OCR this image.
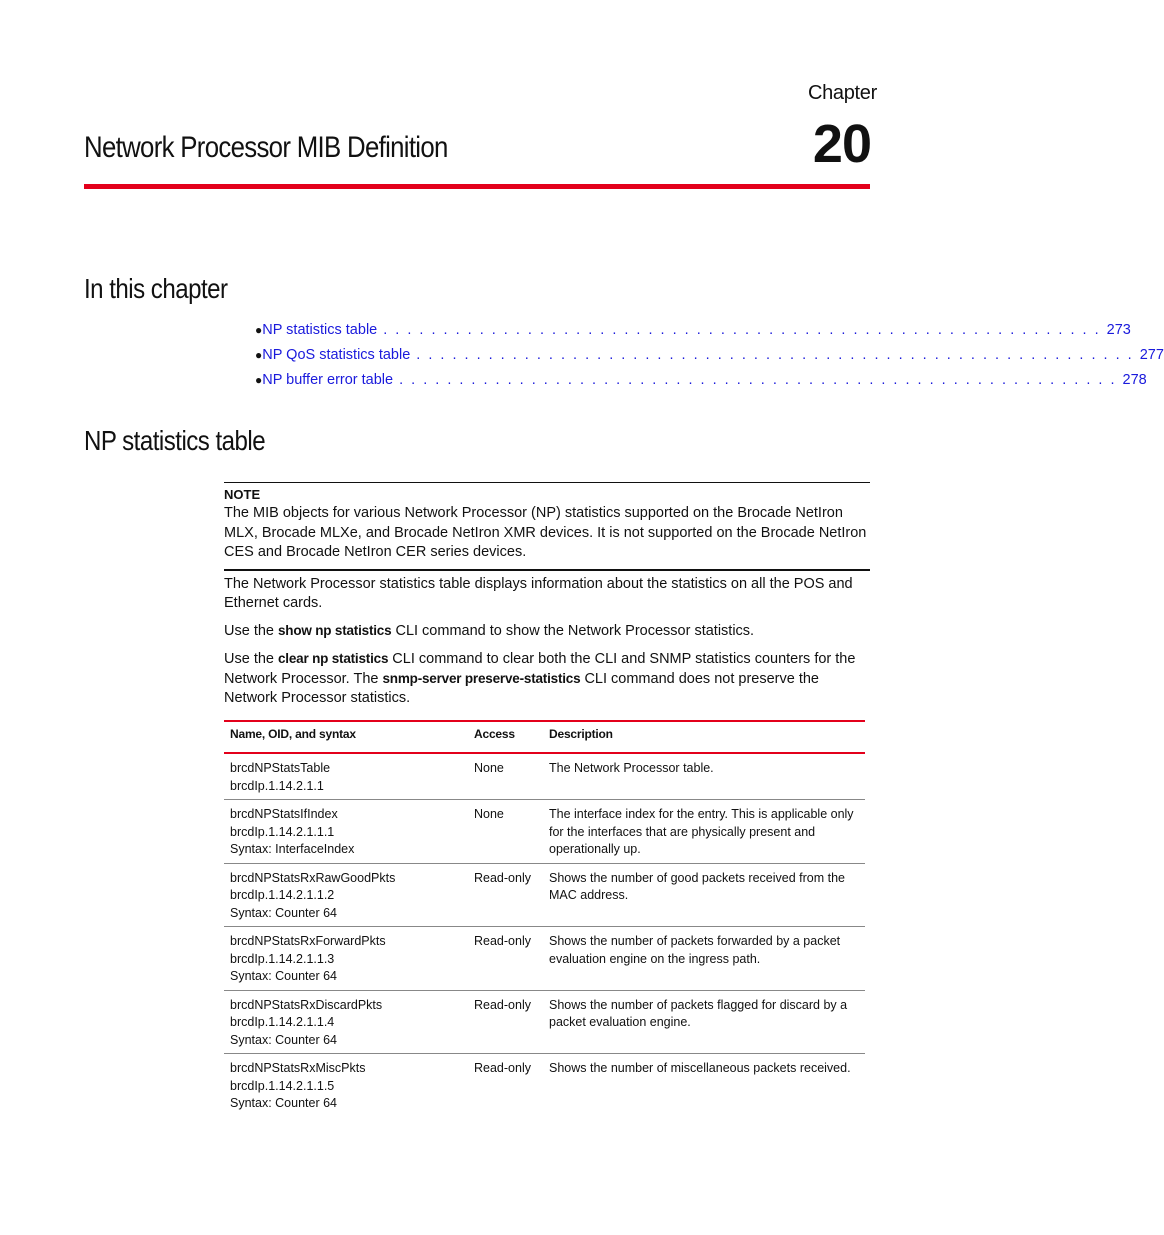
Chapter
20
Network Processor MIB Definition
In this chapter
● NP statistics table . . . . . . . . . . . . . . . . . . . . . . . . . . . . . . . . . . . . . . . . . . . . . . . . . . . . . . . . . . . . 273
● NP QoS statistics table . . . . . . . . . . . . . . . . . . . . . . . . . . . . . . . . . . . . . . . . . . . . . . . . . . . . . . . . . . . . 277
● NP buffer error table . . . . . . . . . . . . . . . . . . . . . . . . . . . . . . . . . . . . . . . . . . . . . . . . . . . . . . . . . . . . 278
NP statistics table
NOTE
The MIB objects for various Network Processor (NP) statistics supported on the Brocade NetIron MLX, Brocade MLXe, and Brocade NetIron XMR devices. It is not supported on the Brocade NetIron CES and Brocade NetIron CER series devices.

The Network Processor statistics table displays information about the statistics on all the POS and Ethernet cards.

Use the show np statistics CLI command to show the Network Processor statistics.

Use the clear np statistics CLI command to clear both the CLI and SNMP statistics counters for the Network Processor. The snmp-server preserve-statistics CLI command does not preserve the Network Processor statistics.

Name, OID, and syntax	Access	Description

brcdNPStatsTable
brcdIp.1.14.2.1.1	None	The Network Processor table.

brcdNPStatsIfIndex
brcdIp.1.14.2.1.1.1
Syntax: InterfaceIndex	None	The interface index for the entry. This is applicable only for the interfaces that are physically present and operationally up.

brcdNPStatsRxRawGoodPkts
brcdIp.1.14.2.1.1.2
Syntax: Counter 64	Read-only	Shows the number of good packets received from the MAC address.

brcdNPStatsRxForwardPkts
brcdIp.1.14.2.1.1.3
Syntax: Counter 64	Read-only	Shows the number of packets forwarded by a packet evaluation engine on the ingress path.

brcdNPStatsRxDiscardPkts
brcdIp.1.14.2.1.1.4
Syntax: Counter 64	Read-only	Shows the number of packets flagged for discard by a packet evaluation engine.

brcdNPStatsRxMiscPkts
brcdIp.1.14.2.1.1.5
Syntax: Counter 64	Read-only	Shows the number of miscellaneous packets received.
